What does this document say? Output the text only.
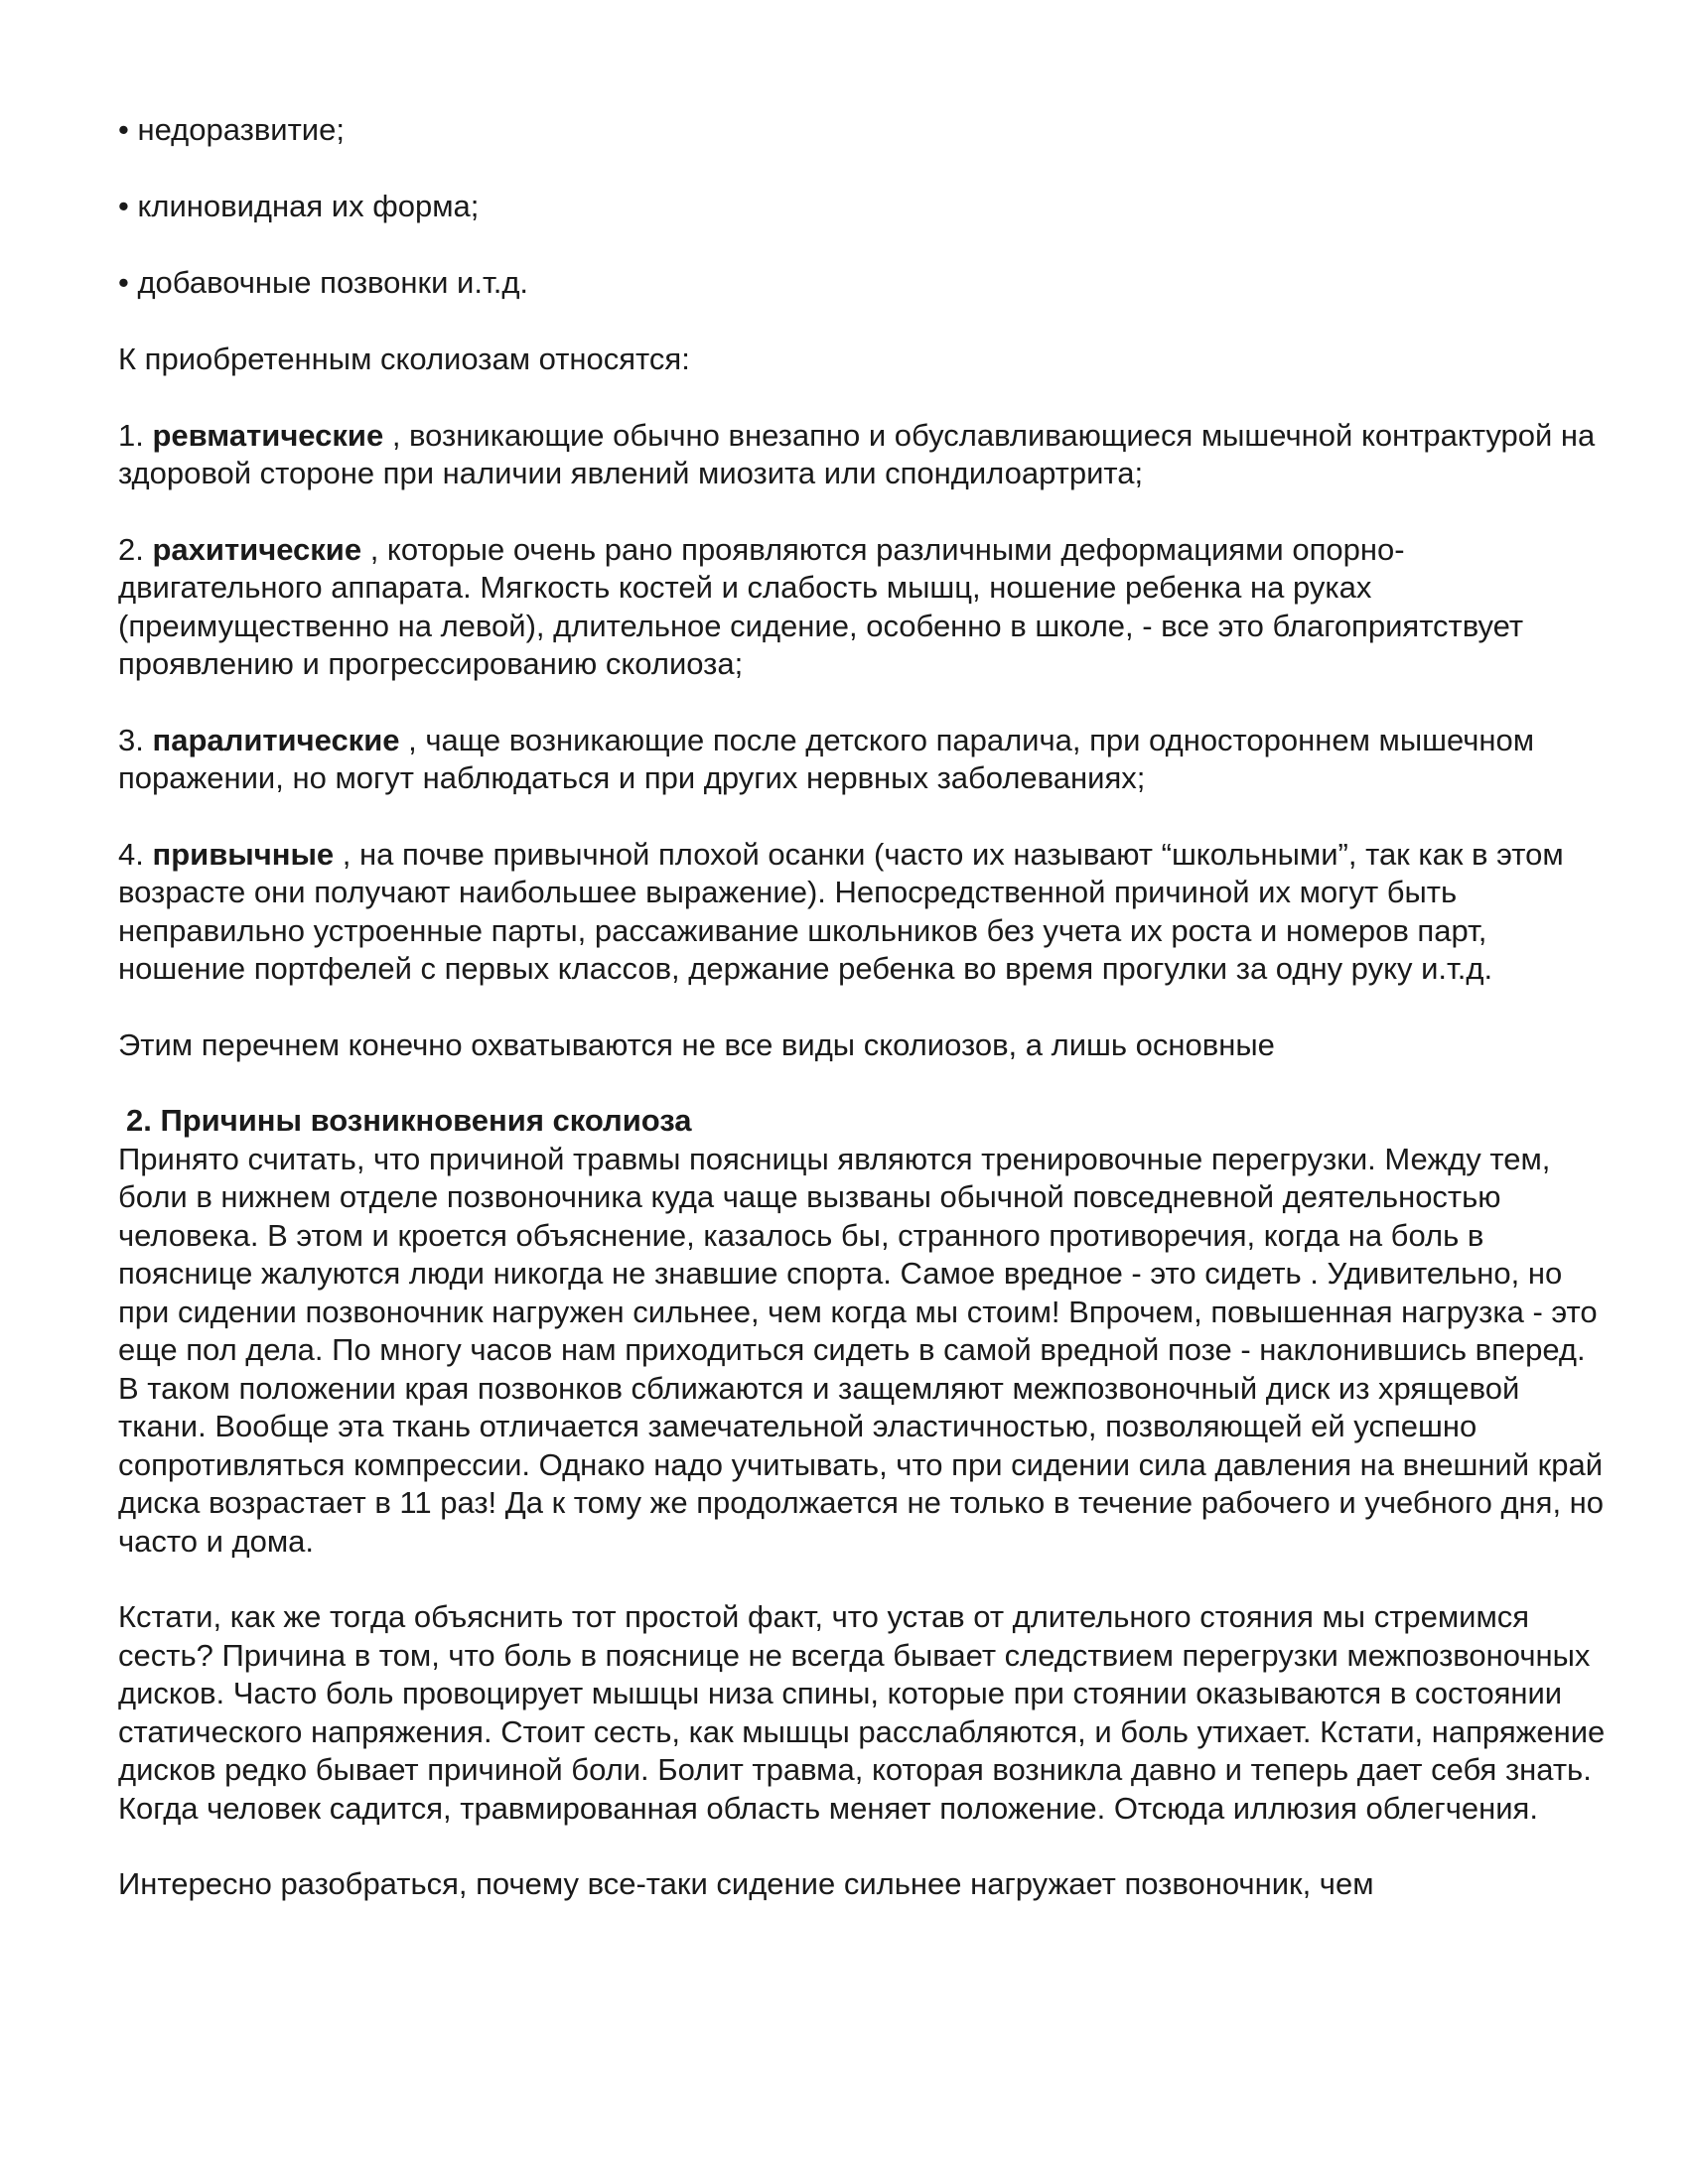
• недоразвитие;
• клиновидная их форма;
• добавочные позвонки и.т.д.

К приобретенным сколиозам относятся:

1. ревматические , возникающие обычно внезапно и обуславливающиеся мышечной контрактурой на здоровой стороне при наличии явлений миозита или спондилоартрита;

2. рахитические , которые очень рано проявляются различными деформациями опорно-двигательного аппарата. Мягкость костей и слабость мышц, ношение ребенка на руках (преимущественно на левой), длительное сидение, особенно в школе, - все это благоприятствует проявлению и прогрессированию сколиоза;

3. паралитические , чаще возникающие после детского паралича, при одностороннем мышечном поражении, но могут наблюдаться и при других нервных заболеваниях;

4. привычные , на почве привычной плохой осанки (часто их называют “школьными”, так как в этом возрасте они получают наибольшее выражение). Непосредственной причиной их могут быть неправильно устроенные парты, рассаживание школьников без учета их роста и номеров парт, ношение портфелей с первых классов, держание ребенка во время прогулки за одну руку и.т.д.

Этим перечнем конечно охватываются не все виды сколиозов, а лишь основные

2. Причины возникновения сколиоза

Принято считать, что причиной травмы поясницы являются тренировочные перегрузки. Между тем, боли в нижнем отделе позвоночника куда чаще вызваны обычной повседневной деятельностью человека. В этом и кроется объяснение, казалось бы, странного противоречия, когда на боль в пояснице жалуются люди никогда не знавшие спорта. Самое вредное - это сидеть . Удивительно, но при сидении позвоночник нагружен сильнее, чем когда мы стоим! Впрочем, повышенная нагрузка - это еще пол дела. По многу часов нам приходиться сидеть в самой вредной позе - наклонившись вперед. В таком положении края позвонков сближаются и защемляют межпозвоночный диск из хрящевой ткани. Вообще эта ткань отличается замечательной эластичностью, позволяющей ей успешно сопротивляться компрессии. Однако надо учитывать, что при сидении сила давления на внешний край диска возрастает в 11 раз! Да к тому же продолжается не только в течение рабочего и учебного дня, но часто и дома.

Кстати, как же тогда объяснить тот простой факт, что устав от длительного стояния мы стремимся сесть? Причина в том, что боль в пояснице не всегда бывает следствием перегрузки межпозвоночных дисков. Часто боль провоцирует мышцы низа спины, которые при стоянии оказываются в состоянии статического напряжения. Стоит сесть, как мышцы расслабляются, и боль утихает. Кстати, напряжение дисков редко бывает причиной боли. Болит травма, которая возникла давно и теперь дает себя знать. Когда человек садится, травмированная область меняет положение. Отсюда иллюзия облегчения.

Интересно разобраться, почему все-таки сидение сильнее нагружает позвоночник, чем
